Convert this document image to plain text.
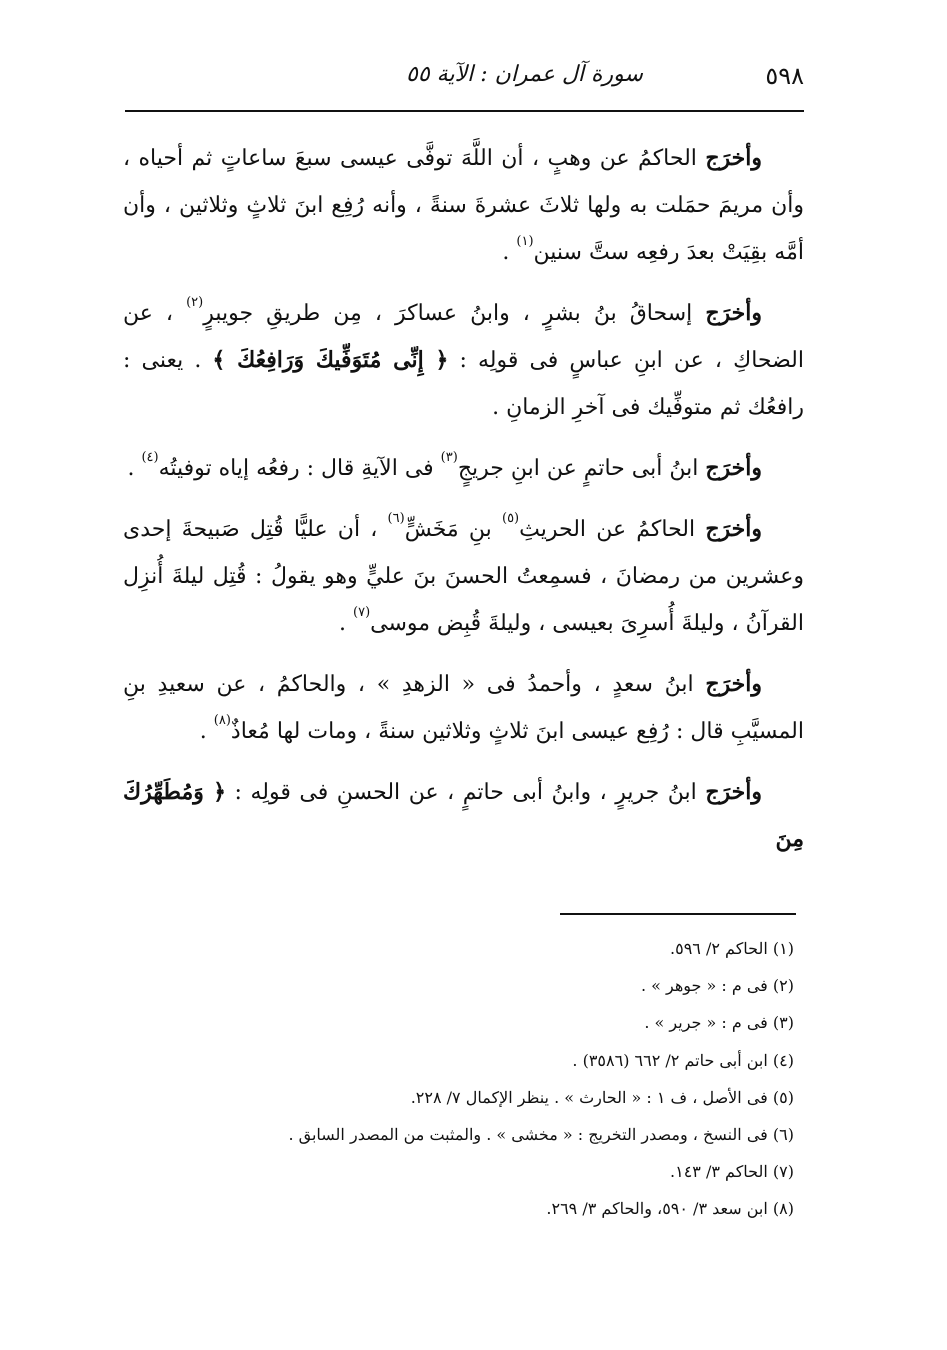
٥٩٨
سورة آل عمران : الآية ٥٥

وأخرَج الحاكمُ عن وهبٍ ، أن اللَّهَ توفَّى عيسى سبعَ ساعاتٍ ثم أحياه ، وأن مريمَ حمَلت به ولها ثلاثَ عشرةَ سنةً ، وأنه رُفِع ابنَ ثلاثٍ وثلاثين ، وأن أمَّه بقِيَتْ بعدَ رفعِه ستَّ سنين$^{(١)}$ .

وأخرَج إسحاقُ بنُ بشرٍ ، وابنُ عساكرَ ، مِن طريقِ جويبرٍ$^{(٢)}$ ، عن الضحاكِ ، عن ابنِ عباسٍ فى قولِه : ﴿ إِنِّى مُتَوَفِّيكَ وَرَافِعُكَ ﴾ . يعنى : رافعُك ثم متوفِّيك فى آخرِ الزمانِ .

وأخرَج ابنُ أبى حاتمٍ عن ابنِ جريجٍ$^{(٣)}$ فى الآيةِ قال : رفعُه إياه توفيتُه$^{(٤)}$ .

وأخرَج الحاكمُ عن الحريثِ$^{(٥)}$ بنِ مَخَشٍّ$^{(٦)}$ ، أن عليًّا قُتِل صَبيحةَ إحدى وعشرين من رمضانَ ، فسمِعتُ الحسنَ بنَ عليٍّ وهو يقولُ : قُتِل ليلةَ أُنزِل القرآنُ ، وليلةَ أُسرِىَ بعيسى ، وليلةَ قُبِض موسى$^{(٧)}$ .

وأخرَج ابنُ سعدٍ ، وأحمدُ فى « الزهدِ » ، والحاكمُ ، عن سعيدِ بنِ المسيَّبِ قال : رُفِع عيسى ابنَ ثلاثٍ وثلاثين سنةً ، ومات لها مُعاذٌ$^{(٨)}$ .

وأخرَج ابنُ جريرٍ ، وابنُ أبى حاتمٍ ، عن الحسنِ فى قولِه : ﴿ وَمُطَهِّرُكَ مِنَ

(١) الحاكم ٢/ ٥٩٦.
(٢) فى م : « جوهر » .
(٣) فى م : « جرير » .
(٤) ابن أبى حاتم ٢/ ٦٦٢ (٣٥٨٦) .
(٥) فى الأصل ، ف ١ : « الحارث » . ينظر الإكمال ٧/ ٢٢٨.
(٦) فى النسخ ، ومصدر التخريج : « مخشى » . والمثبت من المصدر السابق .
(٧) الحاكم ٣/ ١٤٣.
(٨) ابن سعد ٣/ ٥٩٠، والحاكم ٣/ ٢٦٩.
